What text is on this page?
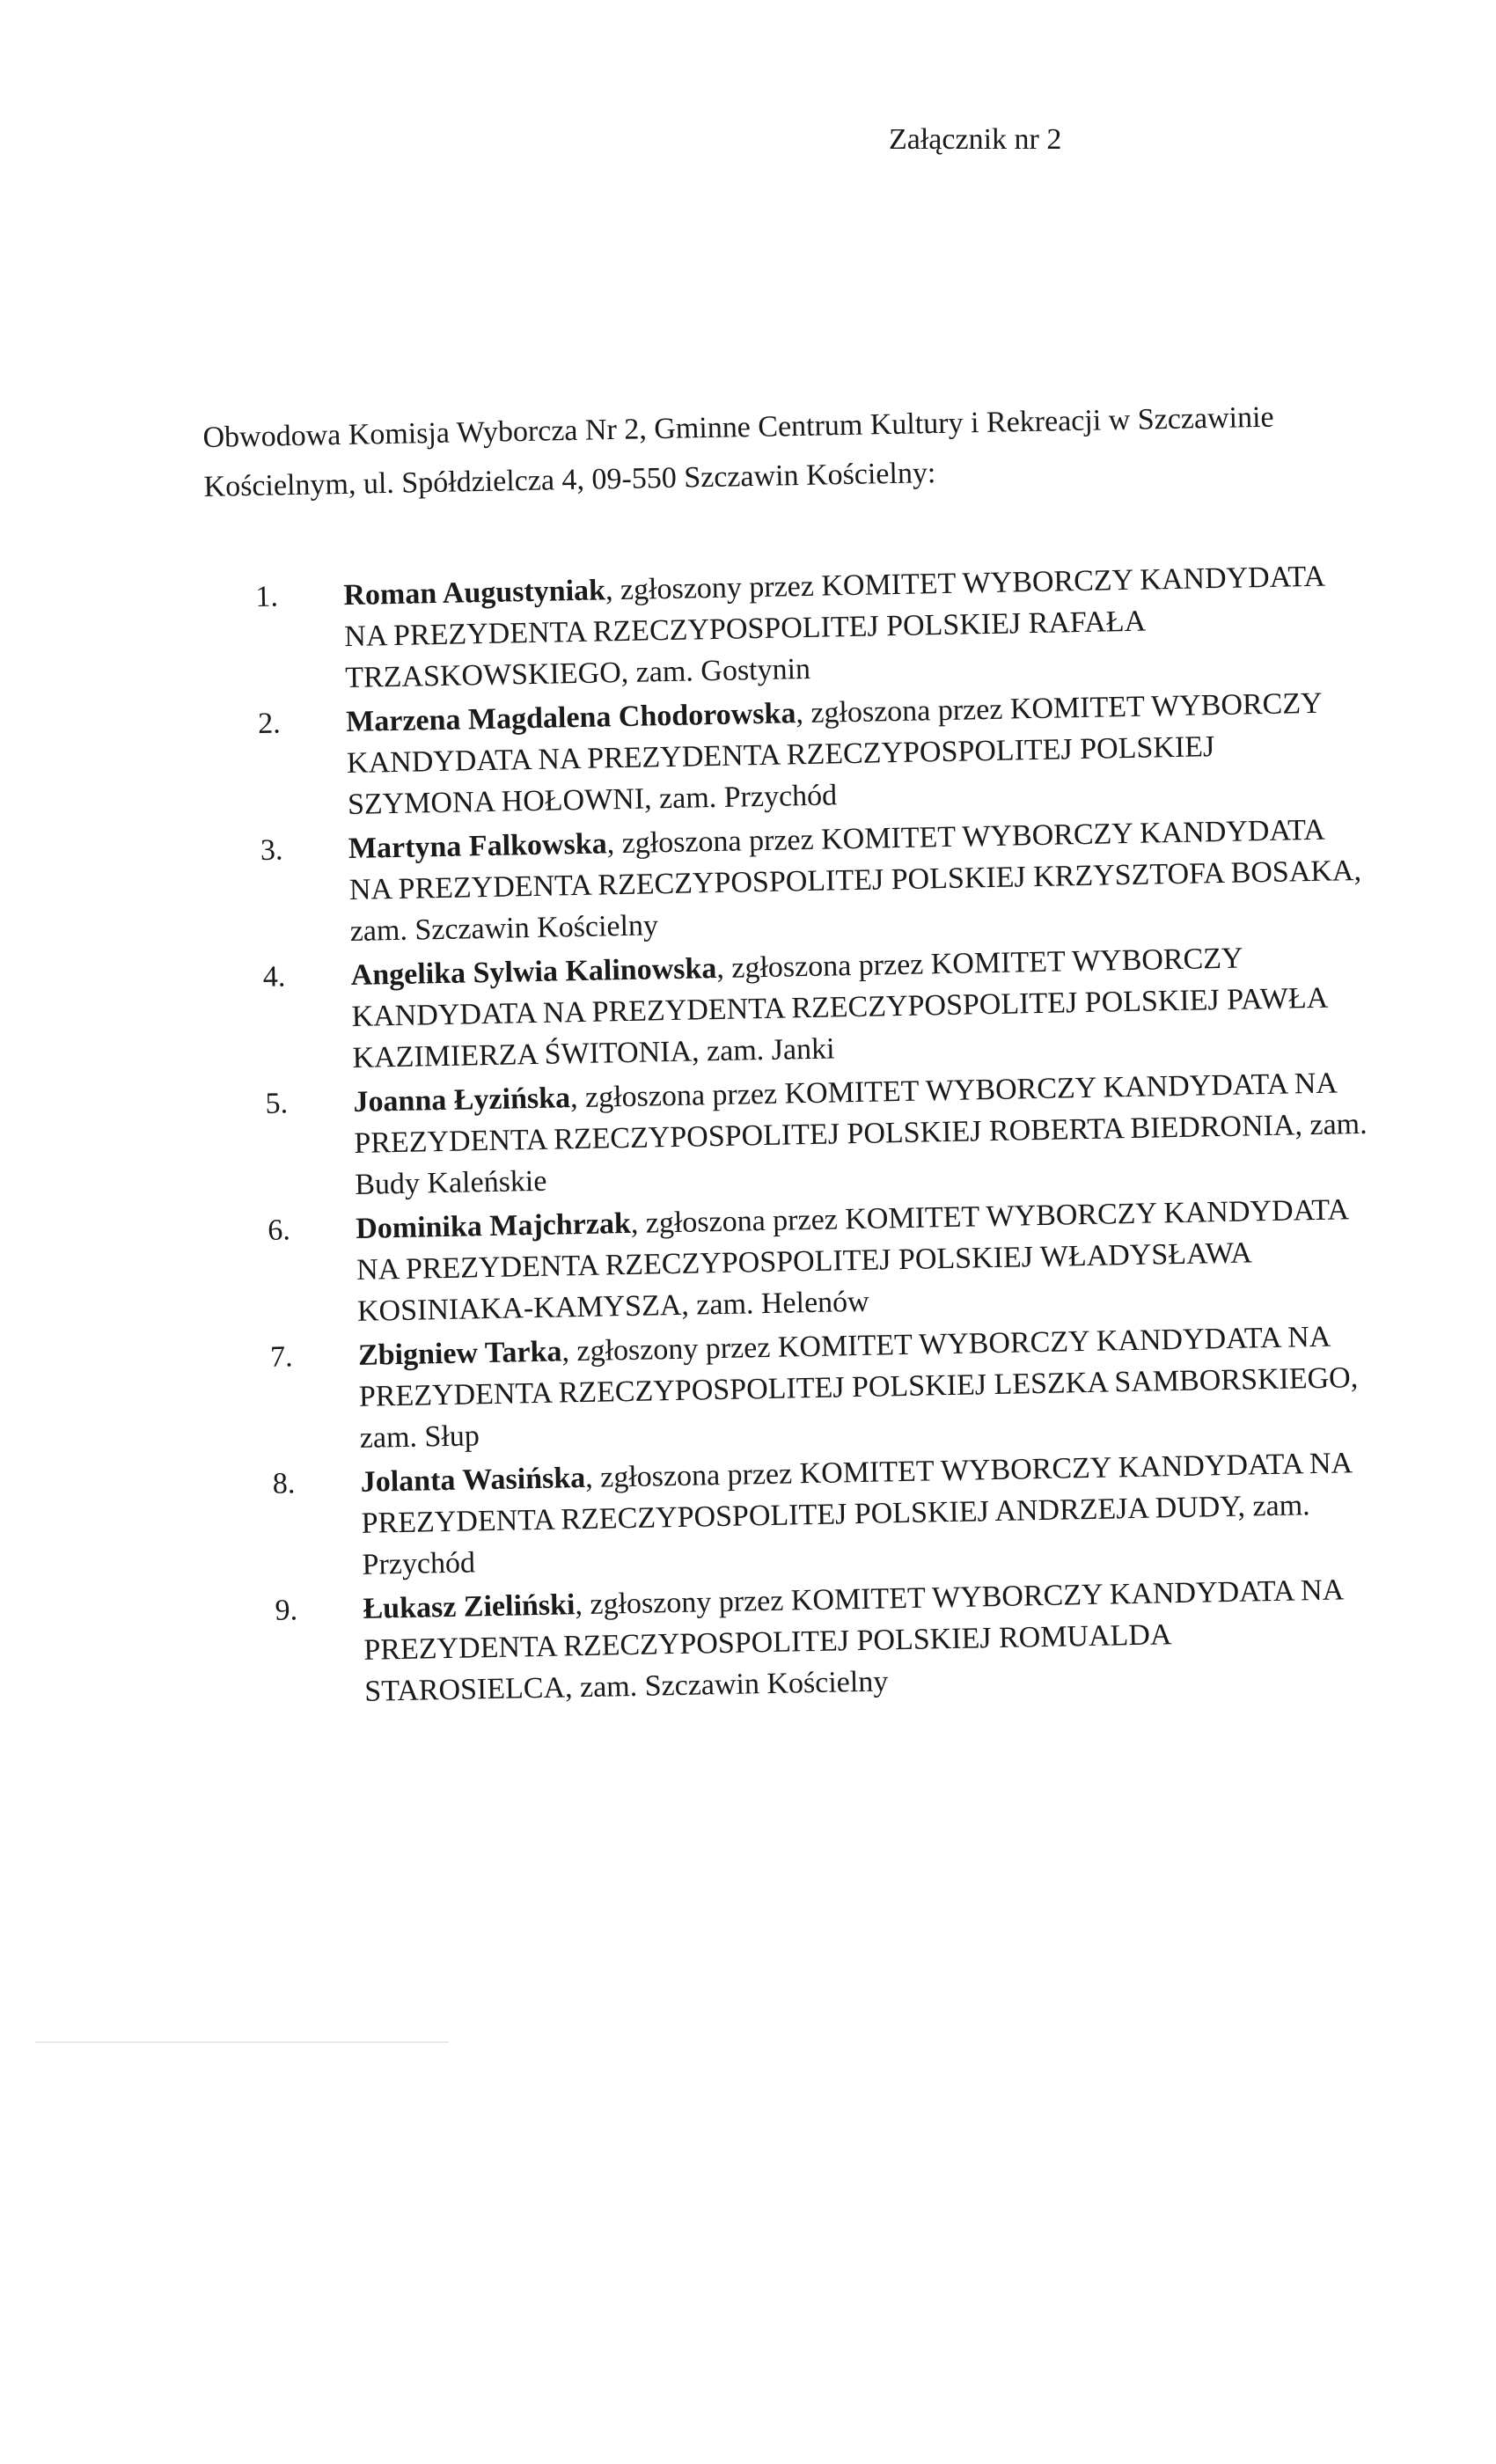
Załącznik nr 2
Obwodowa Komisja Wyborcza Nr 2, Gminne Centrum Kultury i Rekreacji w Szczawinie Kościelnym, ul. Spółdzielcza 4, 09-550 Szczawin Kościelny:
1. Roman Augustyniak, zgłoszony przez KOMITET WYBORCZY KANDYDATA NA PREZYDENTA RZECZYPOSPOLITEJ POLSKIEJ RAFAŁA TRZASKOWSKIEGO, zam. Gostynin
2. Marzena Magdalena Chodorowska, zgłoszona przez KOMITET WYBORCZY KANDYDATA NA PREZYDENTA RZECZYPOSPOLITEJ POLSKIEJ SZYMONA HOŁOWNI, zam. Przychód
3. Martyna Falkowska, zgłoszona przez KOMITET WYBORCZY KANDYDATA NA PREZYDENTA RZECZYPOSPOLITEJ POLSKIEJ KRZYSZTOFA BOSAKA, zam. Szczawin Kościelny
4. Angelika Sylwia Kalinowska, zgłoszona przez KOMITET WYBORCZY KANDYDATA NA PREZYDENTA RZECZYPOSPOLITEJ POLSKIEJ PAWŁA KAZIMIERZA ŚWITONIA, zam. Janki
5. Joanna Łyzińska, zgłoszona przez KOMITET WYBORCZY KANDYDATA NA PREZYDENTA RZECZYPOSPOLITEJ POLSKIEJ ROBERTA BIEDRONIA, zam. Budy Kaleńskie
6. Dominika Majchrzak, zgłoszona przez KOMITET WYBORCZY KANDYDATA NA PREZYDENTA RZECZYPOSPOLITEJ POLSKIEJ WŁADYSŁAWA KOSINIAKA-KAMYSZA, zam. Helenów
7. Zbigniew Tarka, zgłoszony przez KOMITET WYBORCZY KANDYDATA NA PREZYDENTA RZECZYPOSPOLITEJ POLSKIEJ LESZKA SAMBORSKIEGO, zam. Słup
8. Jolanta Wasińska, zgłoszona przez KOMITET WYBORCZY KANDYDATA NA PREZYDENTA RZECZYPOSPOLITEJ POLSKIEJ ANDRZEJA DUDY, zam. Przychód
9. Łukasz Zieliński, zgłoszony przez KOMITET WYBORCZY KANDYDATA NA PREZYDENTA RZECZYPOSPOLITEJ POLSKIEJ ROMUALDA STAROSIELCA, zam. Szczawin Kościelny
